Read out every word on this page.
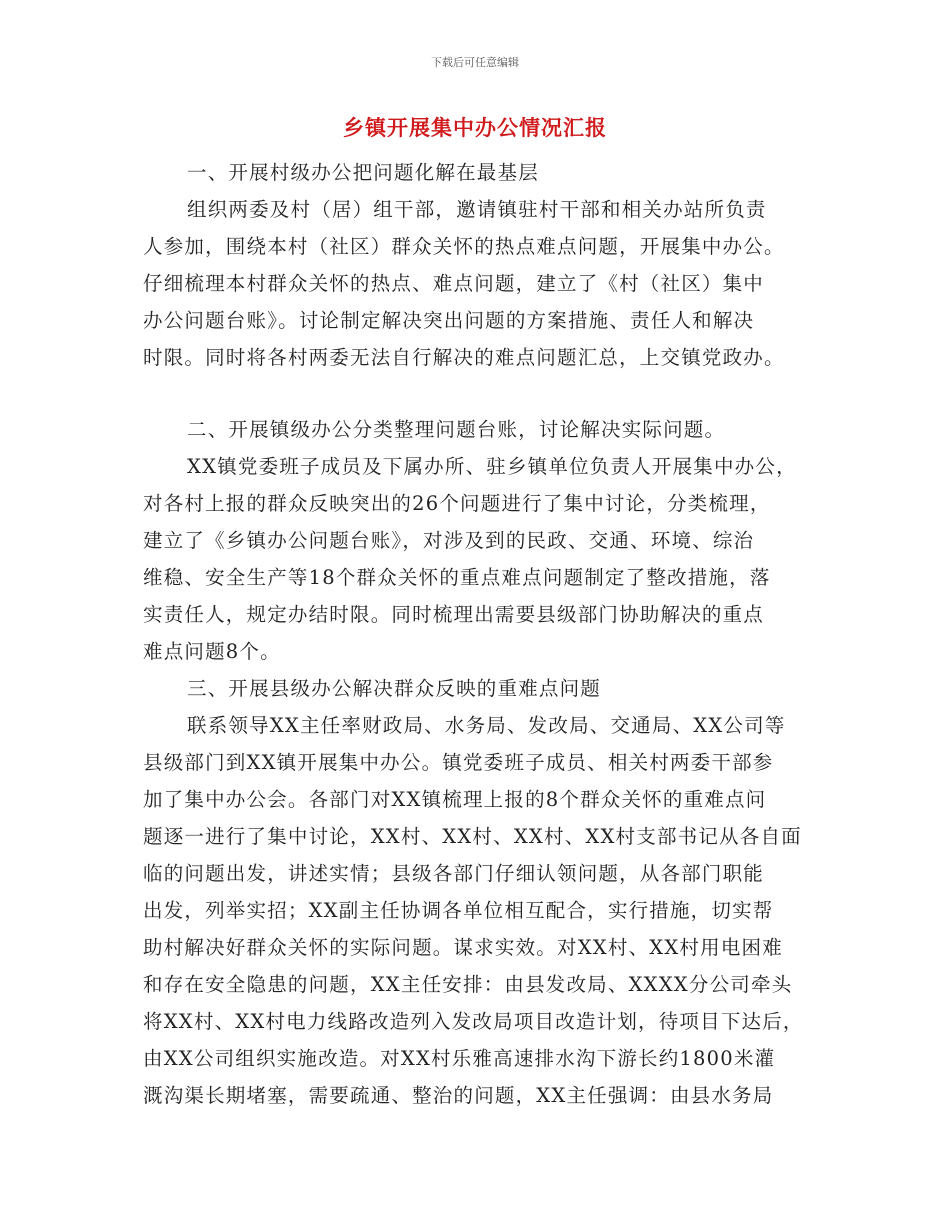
下载后可任意编辑
乡镇开展集中办公情况汇报
一、开展村级办公把问题化解在最基层
组织两委及村（居）组干部，邀请镇驻村干部和相关办站所负责
人参加，围绕本村（社区）群众关怀的热点难点问题，开展集中办公。
仔细梳理本村群众关怀的热点、难点问题，建立了《村（社区）集中
办公问题台账》。讨论制定解决突出问题的方案措施、责任人和解决
时限。同时将各村两委无法自行解决的难点问题汇总，上交镇党政办。
二、开展镇级办公分类整理问题台账，讨论解决实际问题。
XX镇党委班子成员及下属办所、驻乡镇单位负责人开展集中办公，
对各村上报的群众反映突出的26个问题进行了集中讨论，分类梳理，
建立了《乡镇办公问题台账》，对涉及到的民政、交通、环境、综治
维稳、安全生产等18个群众关怀的重点难点问题制定了整改措施，落
实责任人，规定办结时限。同时梳理出需要县级部门协助解决的重点
难点问题8个。
三、开展县级办公解决群众反映的重难点问题
联系领导XX主任率财政局、水务局、发改局、交通局、XX公司等
县级部门到XX镇开展集中办公。镇党委班子成员、相关村两委干部参
加了集中办公会。各部门对XX镇梳理上报的8个群众关怀的重难点问
题逐一进行了集中讨论，XX村、XX村、XX村、XX村支部书记从各自面
临的问题出发，讲述实情；县级各部门仔细认领问题，从各部门职能
出发，列举实招；XX副主任协调各单位相互配合，实行措施，切实帮
助村解决好群众关怀的实际问题。谋求实效。对XX村、XX村用电困难
和存在安全隐患的问题，XX主任安排：由县发改局、XXXX分公司牵头
将XX村、XX村电力线路改造列入发改局项目改造计划，待项目下达后，
由XX公司组织实施改造。对XX村乐雅高速排水沟下游长约1800米灌
溉沟渠长期堵塞，需要疏通、整治的问题，XX主任强调：由县水务局
